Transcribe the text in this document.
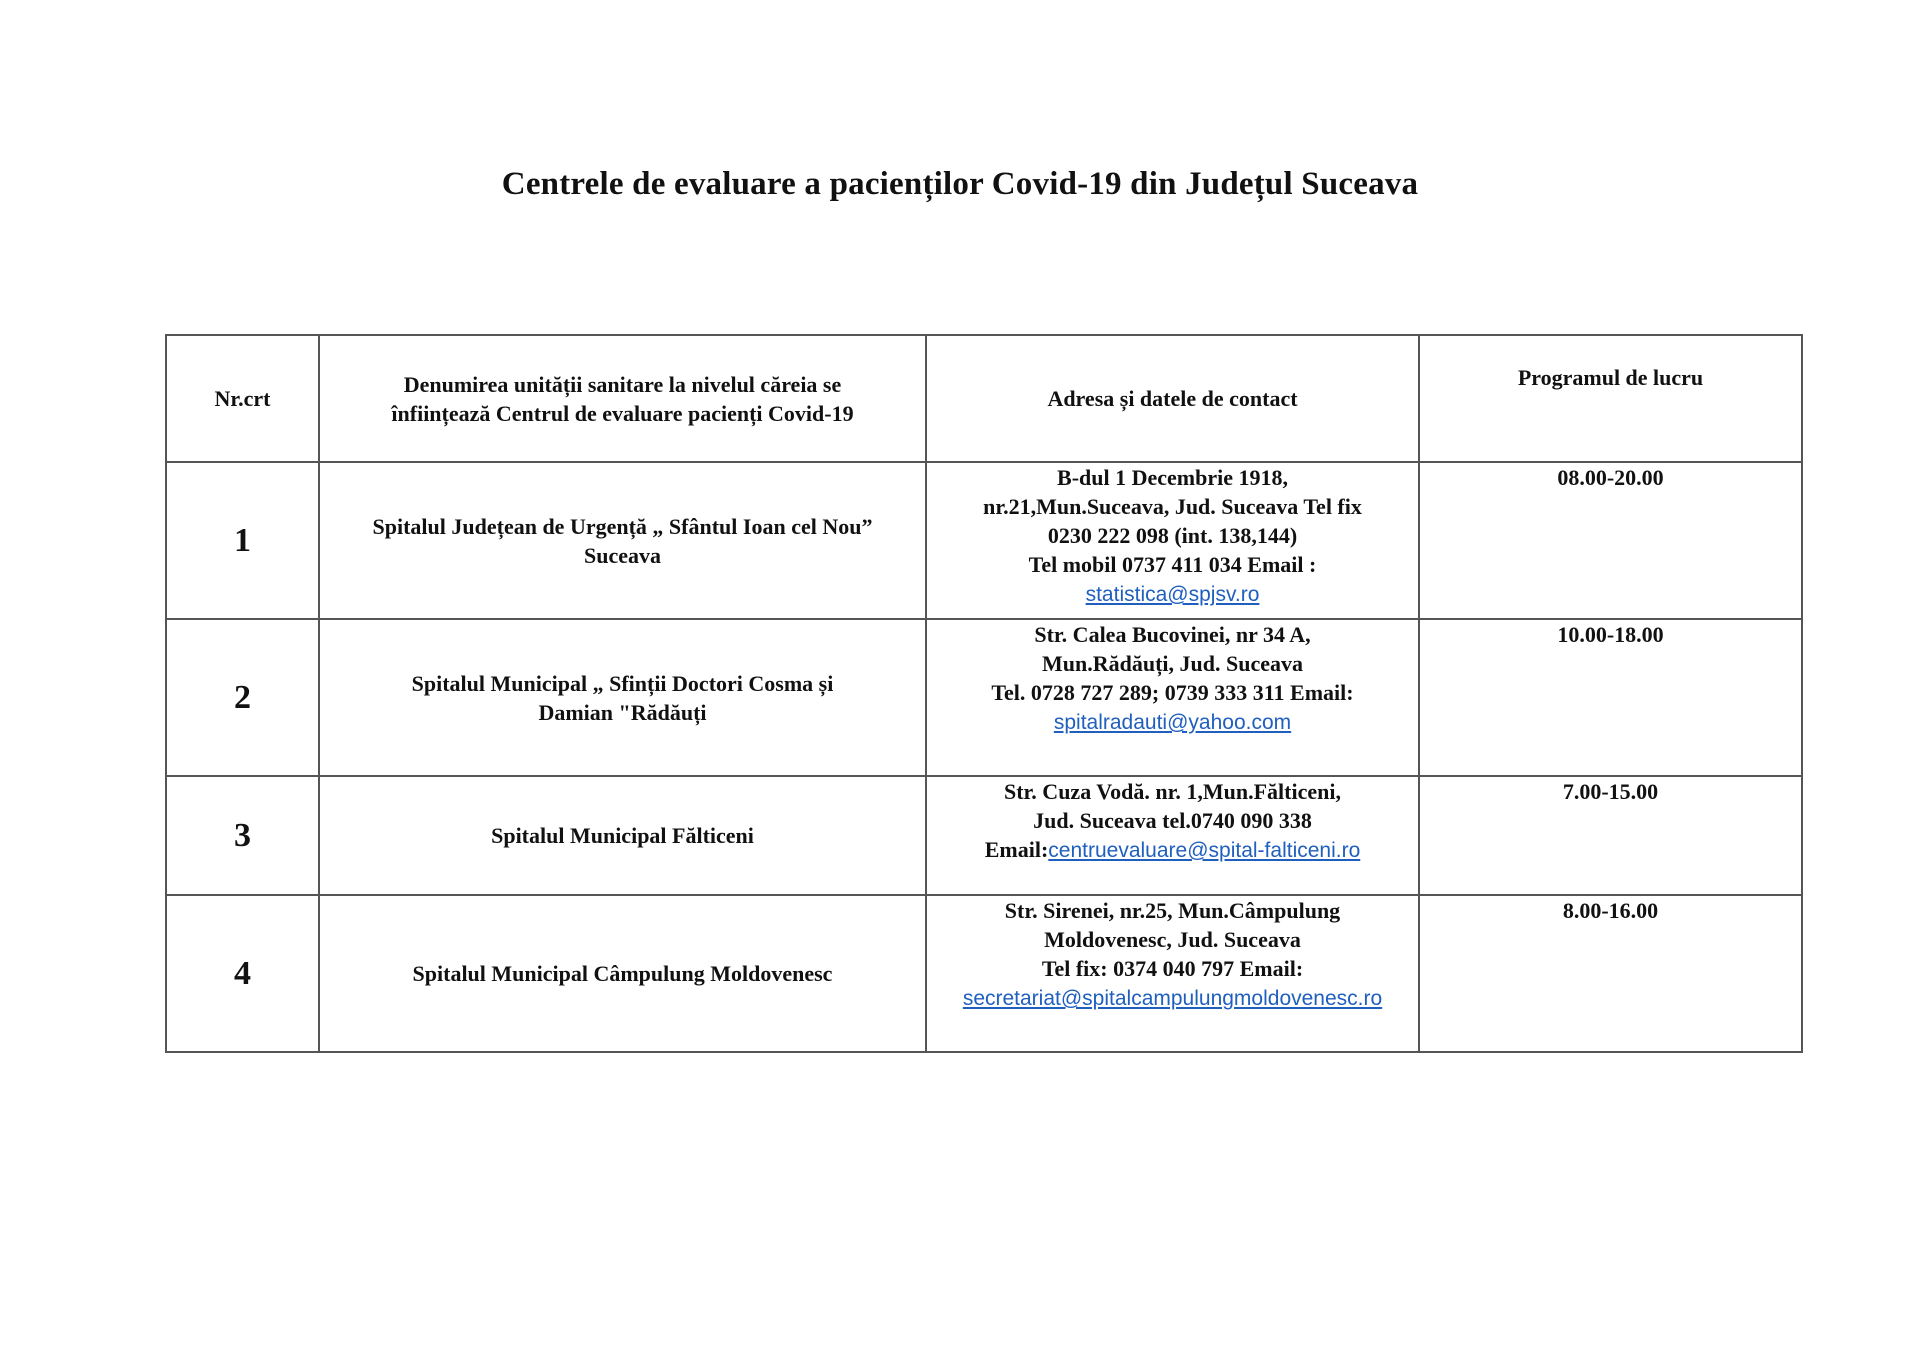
Centrele de evaluare a pacienților Covid-19 din Județul Suceava
Nr.crt	Denumirea unității sanitare la nivelul căreia se
înființează Centrul de evaluare pacienți Covid-19	Adresa și datele de contact	Programul de lucru
1	Spitalul Județean de Urgență „ Sfântul Ioan cel Nou”
Suceava	B-dul 1 Decembrie 1918,
nr.21,Mun.Suceava, Jud. Suceava Tel fix
0230 222 098 (int. 138,144)
Tel mobil 0737 411 034 Email :
statistica@spjsv.ro	08.00-20.00
2	Spitalul Municipal „ Sfinții Doctori Cosma și
Damian "Rădăuți	Str. Calea Bucovinei, nr 34 A,
Mun.Rădăuți, Jud. Suceava
Tel. 0728 727 289; 0739 333 311 Email:
spitalradauti@yahoo.com	10.00-18.00
3	Spitalul Municipal Fălticeni	Str. Cuza Vodă. nr. 1,Mun.Fălticeni,
Jud. Suceava tel.0740 090 338
Email:centruevaluare@spital-falticeni.ro	7.00-15.00
4	Spitalul Municipal Câmpulung Moldovenesc	Str. Sirenei, nr.25, Mun.Câmpulung
Moldovenesc, Jud. Suceava
Tel fix: 0374 040 797 Email:
secretariat@spitalcampulungmoldovenesc.ro	8.00-16.00
